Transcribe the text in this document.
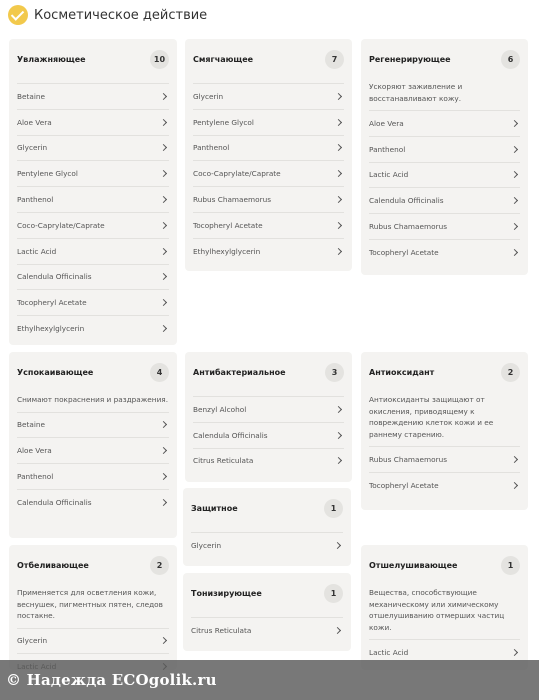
Косметическое действие
Увлажняющее	10
Betaine
Aloe Vera
Glycerin
Pentylene Glycol
Panthenol
Coco-Caprylate/Caprate
Lactic Acid
Calendula Officinalis
Tocopheryl Acetate
Ethylhexylglycerin
Смягчающее	7
Glycerin
Pentylene Glycol
Panthenol
Coco-Caprylate/Caprate
Rubus Chamaemorus
Tocopheryl Acetate
Ethylhexylglycerin
Регенерирующее	6

Ускоряют заживление и восстанавливают кожу.

Aloe Vera
Panthenol
Lactic Acid
Calendula Officinalis
Rubus Chamaemorus
Tocopheryl Acetate
Успокаивающее	4

Снимают покраснения и раздражения.

Betaine
Aloe Vera
Panthenol
Calendula Officinalis
Антибактериальное	3
Benzyl Alcohol
Calendula Officinalis
Citrus Reticulata
Антиоксидант	2

Антиоксиданты защищают от окисления, приводящему к повреждению клеток кожи и ее раннему старению.

Rubus Chamaemorus
Tocopheryl Acetate
Защитное	1
Glycerin
Отбеливающее	2

Применяется для осветления кожи, веснушек, пигментных пятен, следов постакне.

Glycerin
Тонизирующее	1
Citrus Reticulata
Отшелушивающее	1

Вещества, способствующие механическому или химическому отшелушиванию отмерших частиц кожи.

Lactic Acid
© Надежда ECOgolik.ru
